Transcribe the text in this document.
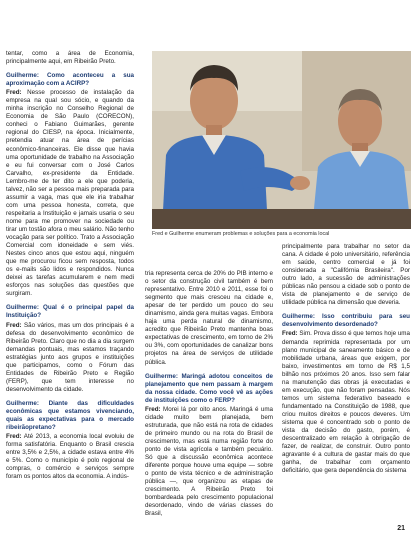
tentar, como a área de Economia, principalmente aqui, em Ribeirão Preto.

Guilherme: Como aconteceu a sua aproximação com a ACIRP?

Fred: Nesse processo de instalação da empresa na qual sou sócio, e quando da minha inscrição no Conselho Regional de Economia de São Paulo (CORECON), conheci o Fabiano Guimarães, gerente regional do CIESP, na época. Inicialmente, pretendia atuar na área de perícias econômico-financeiras. Ele disse que havia uma oportunidade de trabalho na Associação e eu fui conversar com o José Carlos Carvalho, ex-presidente da Entidade. Lembro-me de ter dito a ele que poderia, talvez, não ser a pessoa mais preparada para assumir a vaga, mas que ele iria trabalhar com uma pessoa honesta, correta, que respeitaria a Instituição e jamais usaria o seu nome para me promover na sociedade ou tirar um tostão afora o meu salário. Não tenho vocação para ser político. Trato a Associação Comercial com idoneidade e sem viés. Nestes cinco anos que estou aqui, ninguém que me procurou ficou sem resposta, todos os e-mails são lidos e respondidos. Nunca deixei as tarefas acumularem e nem medi esforços nas soluções das questões que surgiram.

Guilherme: Qual é o principal papel da Instituição?

Fred: São vários, mas um dos principais é a defesa do desenvolvimento econômico de Ribeirão Preto. Claro que no dia a dia surgem demandas pontuais, mas estamos traçando estratégias junto aos grupos e instituições que participamos, como o Fórum das Entidades de Ribeirão Preto e Região (FERP), que tem interesse no desenvolvimento da cidade.

Guilherme: Diante das dificuldades econômicas que estamos vivenciando, quais as expectativas para o mercado ribeirãopretano?

Fred: Até 2013, a economia local evoluiu de forma satisfatória. Enquanto o Brasil crescia entre 3,5% e 2,5%, a cidade estava entre 4% e 5%. Como o município é polo regional de compras, o comércio e serviços sempre foram os pontos altos da economia. A indús-

Fred e Guilherme enumeram problemas e soluções para a economia local

tria representa cerca de 20% do PIB interno e o setor da construção civil também é bem representativo. Entre 2010 e 2011, esse foi o segmento que mais cresceu na cidade e, apesar de ter perdido um pouco do seu dinamismo, ainda gera muitas vagas. Embora haja uma perda natural de dinamismo, acredito que Ribeirão Preto mantenha boas expectativas de crescimento, em torno de 2% ou 3%, com oportunidades de canalizar bons projetos na área de serviços de utilidade pública.

Guilherme: Maringá adotou conceitos de planejamento que nem passam à margem da nossa cidade. Como você vê as ações de instituições como o FERP?

Fred: Morei lá por oito anos. Maringá é uma cidade muito bem planejada, bem estruturada, que não está na rota de cidades de primeiro mundo ou na rota do Brasil de crescimento, mas está numa região forte do ponto de vista agrícola e também pecuário. Só que a discussão econômica acontece diferente porque houve uma equipe — sobre o ponto de vista técnico e de administração pública —, que organizou as etapas de crescimento. A Ribeirão Preto foi bombardeada pelo crescimento populacional desordenado, vindo de várias classes do Brasil,

principalmente para trabalhar no setor da cana. A cidade é polo universitário, referência em saúde, centro comercial e já foi considerada a "Califórnia Brasileira". Por outro lado, a sucessão de administrações públicas não pensou a cidade sob o ponto de vista de planejamento e de serviço de utilidade pública na dimensão que deveria.

Guilherme: Isso contribuiu para seu desenvolvimento desordenado?

Fred: Sim. Prova disso é que temos hoje uma demanda reprimida representada por um plano municipal de saneamento básico e de mobilidade urbana, áreas que exigem, por baixo, investimentos em torno de R$ 1,5 bilhão nos próximos 20 anos. Isso sem falar na manutenção das obras já executadas e em execução, que não foram pensadas. Nós temos um sistema federativo baseado e fundamentado na Constituição de 1988, que criou muitos direitos e poucos deveres. Um sistema que é concentrado sob o ponto de vista da decisão do gasto, porém, é descentralizado em relação à obrigação de fazer, de realizar, de construir. Outro ponto agravante é a cultura de gastar mais do que ganha, de trabalhar com orçamento deficitário, que gera dependência do sistema

21
